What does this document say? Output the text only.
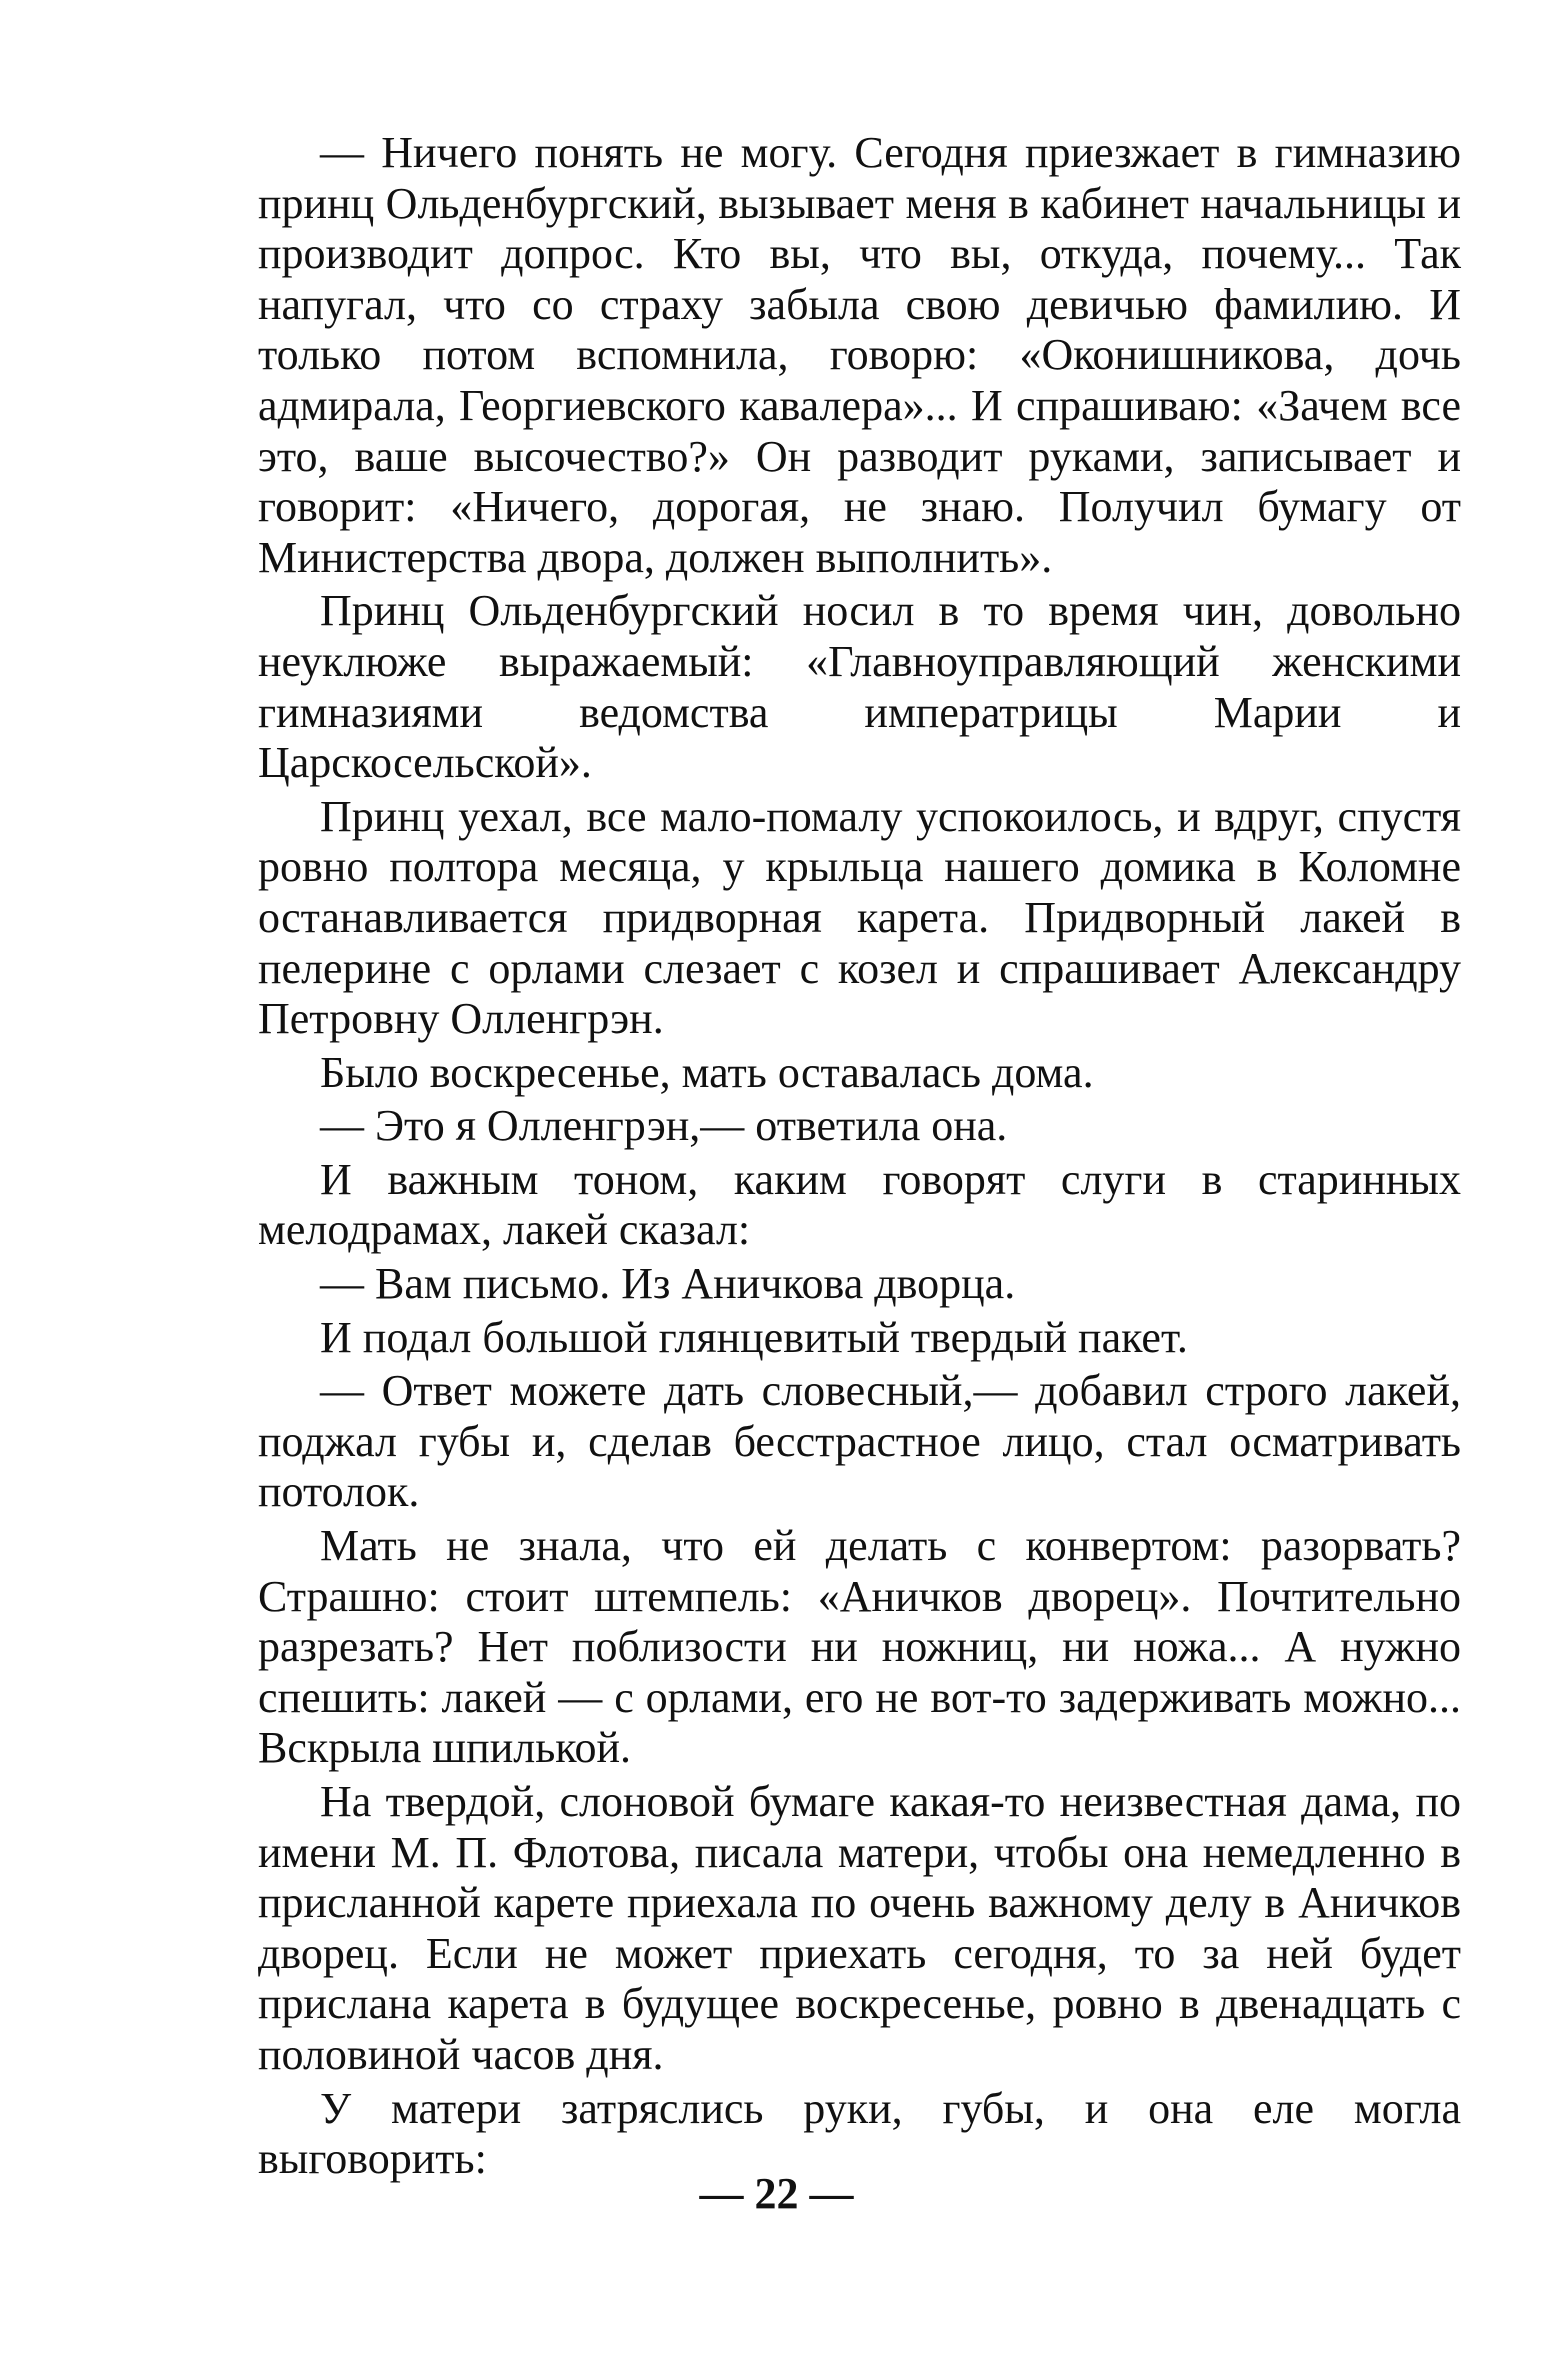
— Ничего понять не могу. Сегодня приезжает в гимназию принц Ольденбургский, вызывает меня в кабинет начальницы и производит допрос. Кто вы, что вы, откуда, почему... Так напугал, что со страху забыла свою девичью фамилию. И только потом вспомнила, говорю: «Оконишникова, дочь адмирала, Георгиевского кавалера»... И спрашиваю: «Зачем все это, ваше высочество?» Он разводит руками, записывает и говорит: «Ничего, дорогая, не знаю. Получил бумагу от Министерства двора, должен выполнить».

Принц Ольденбургский носил в то время чин, довольно неуклюже выражаемый: «Главноуправляющий женскими гимназиями ведомства императрицы Марии и Царскосельской».

Принц уехал, все мало-помалу успокоилось, и вдруг, спустя ровно полтора месяца, у крыльца нашего домика в Коломне останавливается придворная карета. Придворный лакей в пелерине с орлами слезает с козел и спрашивает Александру Петровну Олленгрэн.

Было воскресенье, мать оставалась дома.

— Это я Олленгрэн,— ответила она.

И важным тоном, каким говорят слуги в старинных мелодрамах, лакей сказал:

— Вам письмо. Из Аничкова дворца.

И подал большой глянцевитый твердый пакет.

— Ответ можете дать словесный,— добавил строго лакей, поджал губы и, сделав бесстрастное лицо, стал осматривать потолок.

Мать не знала, что ей делать с конвертом: разорвать? Страшно: стоит штемпель: «Аничков дворец». Почтительно разрезать? Нет поблизости ни ножниц, ни ножа... А нужно спешить: лакей — с орлами, его не вот-то задерживать можно... Вскрыла шпилькой.

На твердой, слоновой бумаге какая-то неизвестная дама, по имени М. П. Флотова, писала матери, чтобы она немедленно в присланной карете приехала по очень важному делу в Аничков дворец. Если не может приехать сегодня, то за ней будет прислана карета в будущее воскресенье, ровно в двенадцать с половиной часов дня.

У матери затряслись руки, губы, и она еле могла выговорить:

— 22 —
